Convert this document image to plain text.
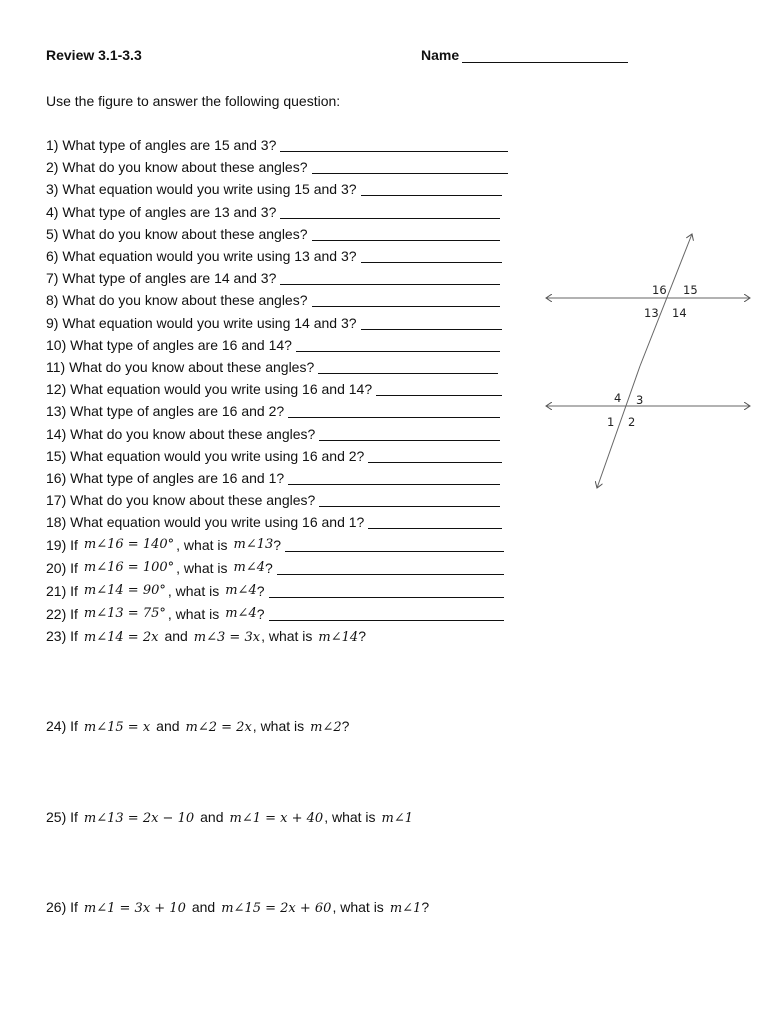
Review 3.1-3.3	Name
Use the figure to answer the following question:
1) What type of angles are 15 and 3?
2) What do you know about these angles?
3) What equation would you write using 15 and 3?
4) What type of angles are 13 and 3?
5) What do you know about these angles?
6) What equation would you write using 13 and 3?
7) What type of angles are 14 and 3?
8) What do you know about these angles?
9) What equation would you write using 14 and 3?
10) What type of angles are 16 and 14?
11) What do you know about these angles?
12) What equation would you write using 16 and 14?
13) What type of angles are 16 and 2?
14) What do you know about these angles?
15) What equation would you write using 16 and 2?
16) What type of angles are 16 and 1?
17) What do you know about these angles?
18) What equation would you write using 16 and 1?
19) If m∠16 = 140° , what is m∠13 ?
20) If m∠16 = 100° , what is m∠4 ?
21) If m∠14 = 90° , what is m∠4 ?
22) If m∠13 = 75° , what is m∠4 ?
23) If m∠14 = 2x and m∠3 = 3x, what is m∠14?
24) If m∠15 = x and m∠2 = 2x, what is m∠2?
25) If m∠13 = 2x − 10 and m∠1 = x + 40, what is m∠1
26) If m∠1 = 3x + 10 and m∠15 = 2x + 60, what is m∠1?
16 15
13 14
4 3
1 2
